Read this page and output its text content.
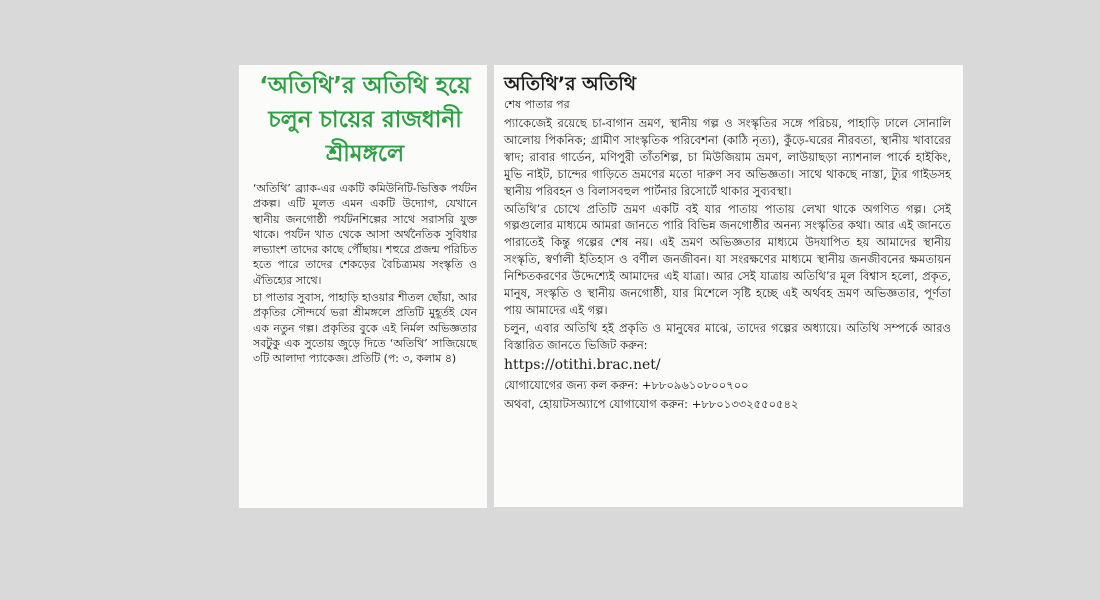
‘অতিথি’র অতিথি হয়ে চলুন চায়ের রাজধানী শ্রীমঙ্গলে

‘অতিথি’ ব্র্যাক-এর একটি কমিউনিটি-ভিত্তিক পর্যটন প্রকল্প। এটি মূলত এমন একটি উদ্যোগ, যেখানে স্থানীয় জনগোষ্ঠী পর্যটনশিল্পের সাথে সরাসরি যুক্ত থাকে। পর্যটন খাত থেকে আসা অর্থনৈতিক সুবিধার লভ্যাংশ তাদের কাছে পৌঁছায়। শহুরে প্রজন্ম পরিচিত হতে পারে তাদের শেকড়ের বৈচিত্র্যময় সংস্কৃতি ও ঐতিহ্যের সাথে।

চা পাতার সুবাস, পাহাড়ি হাওয়ার শীতল ছোঁয়া, আর প্রকৃতির সৌন্দর্যে ভরা শ্রীমঙ্গলে প্রতিটি মুহূর্তই যেন এক নতুন গল্প। প্রকৃতির বুকে এই নির্মল অভিজ্ঞতার সবটুকু এক সুতোয় জুড়ে দিতে ‘অতিথি’ সাজিয়েছে ৩টি আলাদা প্যাকেজ। প্রতিটি (প: ৩, কলাম ৪)

অতিথি’র অতিথি

শেষ পাতার পর

প্যাকেজেই রয়েছে চা-বাগান ভ্রমণ, স্থানীয় গল্প ও সংস্কৃতির সঙ্গে পরিচয়, পাহাড়ি ঢালে সোনালি আলোয় পিকনিক; গ্রামীণ সাংস্কৃতিক পরিবেশনা (কাঠি নৃত্য), কুঁড়ে-ঘরের নীরবতা, স্থানীয় খাবারের স্বাদ; রাবার গার্ডেন, মণিপুরী তাঁতশিল্প, চা মিউজিয়াম ভ্রমণ, লাউয়াছড়া ন্যাশনাল পার্কে হাইকিং, মুভি নাইট, চান্দের গাড়িতে ভ্রমণের মতো দারুণ সব অভিজ্ঞতা। সাথে থাকছে নাস্তা, ট্যুর গাইডসহ স্থানীয় পরিবহন ও বিলাসবহুল পার্টনার রিসোর্টে থাকার সুব্যবস্থা।

অতিথি’র চোখে প্রতিটি ভ্রমণ একটি বই যার পাতায় পাতায় লেখা থাকে অগণিত গল্প। সেই গল্পগুলোর মাধ্যমে আমরা জানতে পারি বিভিন্ন জনগোষ্ঠীর অনন্য সংস্কৃতির কথা। আর এই জানতে পারাতেই কিন্তু গল্পের শেষ নয়। এই ভ্রমণ অভিজ্ঞতার মাধ্যমে উদযাপিত হয় আমাদের স্থানীয় সংস্কৃতি, স্বর্ণালী ইতিহাস ও বর্ণীল জনজীবন। যা সংরক্ষণের মাধ্যমে স্থানীয় জনজীবনের ক্ষমতায়ন নিশ্চিতকরণের উদ্দেশ্যেই আমাদের এই যাত্রা। আর সেই যাত্রায় অতিথি’র মূল বিশ্বাস হলো, প্রকৃত, মানুষ, সংস্কৃতি ও স্থানীয় জনগোষ্ঠী, যার মিশেলে সৃষ্টি হচ্ছে এই অর্থবহ ভ্রমণ অভিজ্ঞতার, পূর্ণতা পায় আমাদের এই গল্প।

চলুন, এবার অতিথি হই প্রকৃতি ও মানুষের মাঝে, তাদের গল্পের অধ্যায়ে। অতিথি সম্পর্কে আরও বিস্তারিত জানতে ভিজিট করুন:

https://otithi.brac.net/

যোগাযোগের জন্য কল করুন: +৮৮০৯৬১০৮০০৭০০

অথবা, হোয়াটসঅ্যাপে যোগাযোগ করুন: +৮৮০১৩৩২৫৫০৫৪২
